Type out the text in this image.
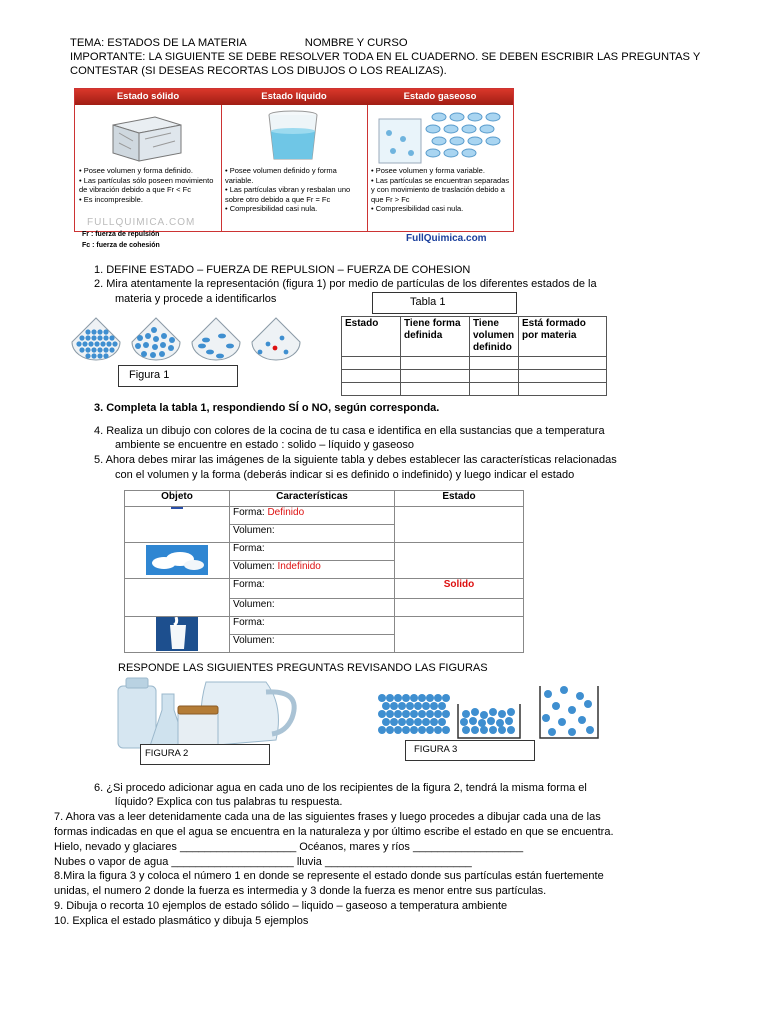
TEMA: ESTADOS DE LA MATERIA	NOMBRE Y CURSO
IMPORTANTE: LA SIGUIENTE SE DEBE RESOLVER TODA EN EL CUADERNO. SE DEBEN ESCRIBIR LAS PREGUNTAS Y
CONTESTAR (SI DESEAS RECORTAS LOS DIBUJOS O LOS REALIZAS).
Estado sólido	Estado líquido	Estado gaseoso
• Posee volumen y forma definido.
• Las partículas sólo poseen movimiento de vibración debido a que Fr < Fc
• Es incompresible.
• Posee volumen definido y forma variable.
• Las partículas vibran y resbalan uno sobre otro debido a que Fr = Fc
• Compresibilidad casi nula.
• Posee volumen y forma variable.
• Las partículas se encuentran separadas y con movimiento de traslación debido a que Fr > Fc
• Compresibilidad casi nula.
FULLQUIMICA.COM
Fr : fuerza de repulsión
Fc : fuerza de cohesión
FullQuimica.com
1. DEFINE ESTADO – FUERZA DE REPULSION – FUERZA DE COHESION
2. Mira atentamente la representación (figura 1) por medio de partículas de los diferentes estados de la
materia y procede a identificarlos	Tabla 1
Figura 1
Estado	Tiene forma definida	Tiene volumen definido	Está formado por materia

3. Completa la tabla 1, respondiendo SÍ o NO, según corresponda.
4. Realiza un dibujo con colores de la cocina de tu casa e identifica en ella sustancias que a temperatura
ambiente se encuentre en estado : solido – líquido y gaseoso
5. Ahora debes mirar las imágenes de la siguiente tabla y debes establecer las características relacionadas
con el volumen y la forma (deberás indicar si es definido o indefinido) y luego indicar el estado
Objeto	Características	Estado

	Forma: Definido	
	Volumen:	

	Forma:	
	Volumen: Indefinido	
	Forma:	Solido
	Volumen:	

	Forma:	
	Volumen:	
RESPONDE LAS SIGUIENTES PREGUNTAS REVISANDO LAS FIGURAS
FIGURA 2	FIGURA 3
6. ¿Si procedo adicionar agua en cada uno de los recipientes de la figura 2, tendrá la misma forma el
líquido? Explica con tus palabras tu respuesta.
7. Ahora vas a leer detenidamente cada una de las siguientes frases y luego procedes a dibujar cada una de las
formas indicadas en que el agua se encuentra en la naturaleza y por último escribe el estado en que se encuentra.
Hielo, nevado y glaciares ___________________ Océanos, mares y ríos __________________
Nubes o vapor de agua ____________________ lluvia ________________________
8.Mira la figura 3 y coloca el número 1 en donde se represente el estado donde sus partículas están fuertemente
unidas, el numero 2 donde la fuerza es intermedia y 3 donde la fuerza es menor entre sus partículas.
9. Dibuja o recorta 10 ejemplos de estado sólido – liquido – gaseoso a temperatura ambiente
10. Explica el estado plasmático y dibuja 5 ejemplos
